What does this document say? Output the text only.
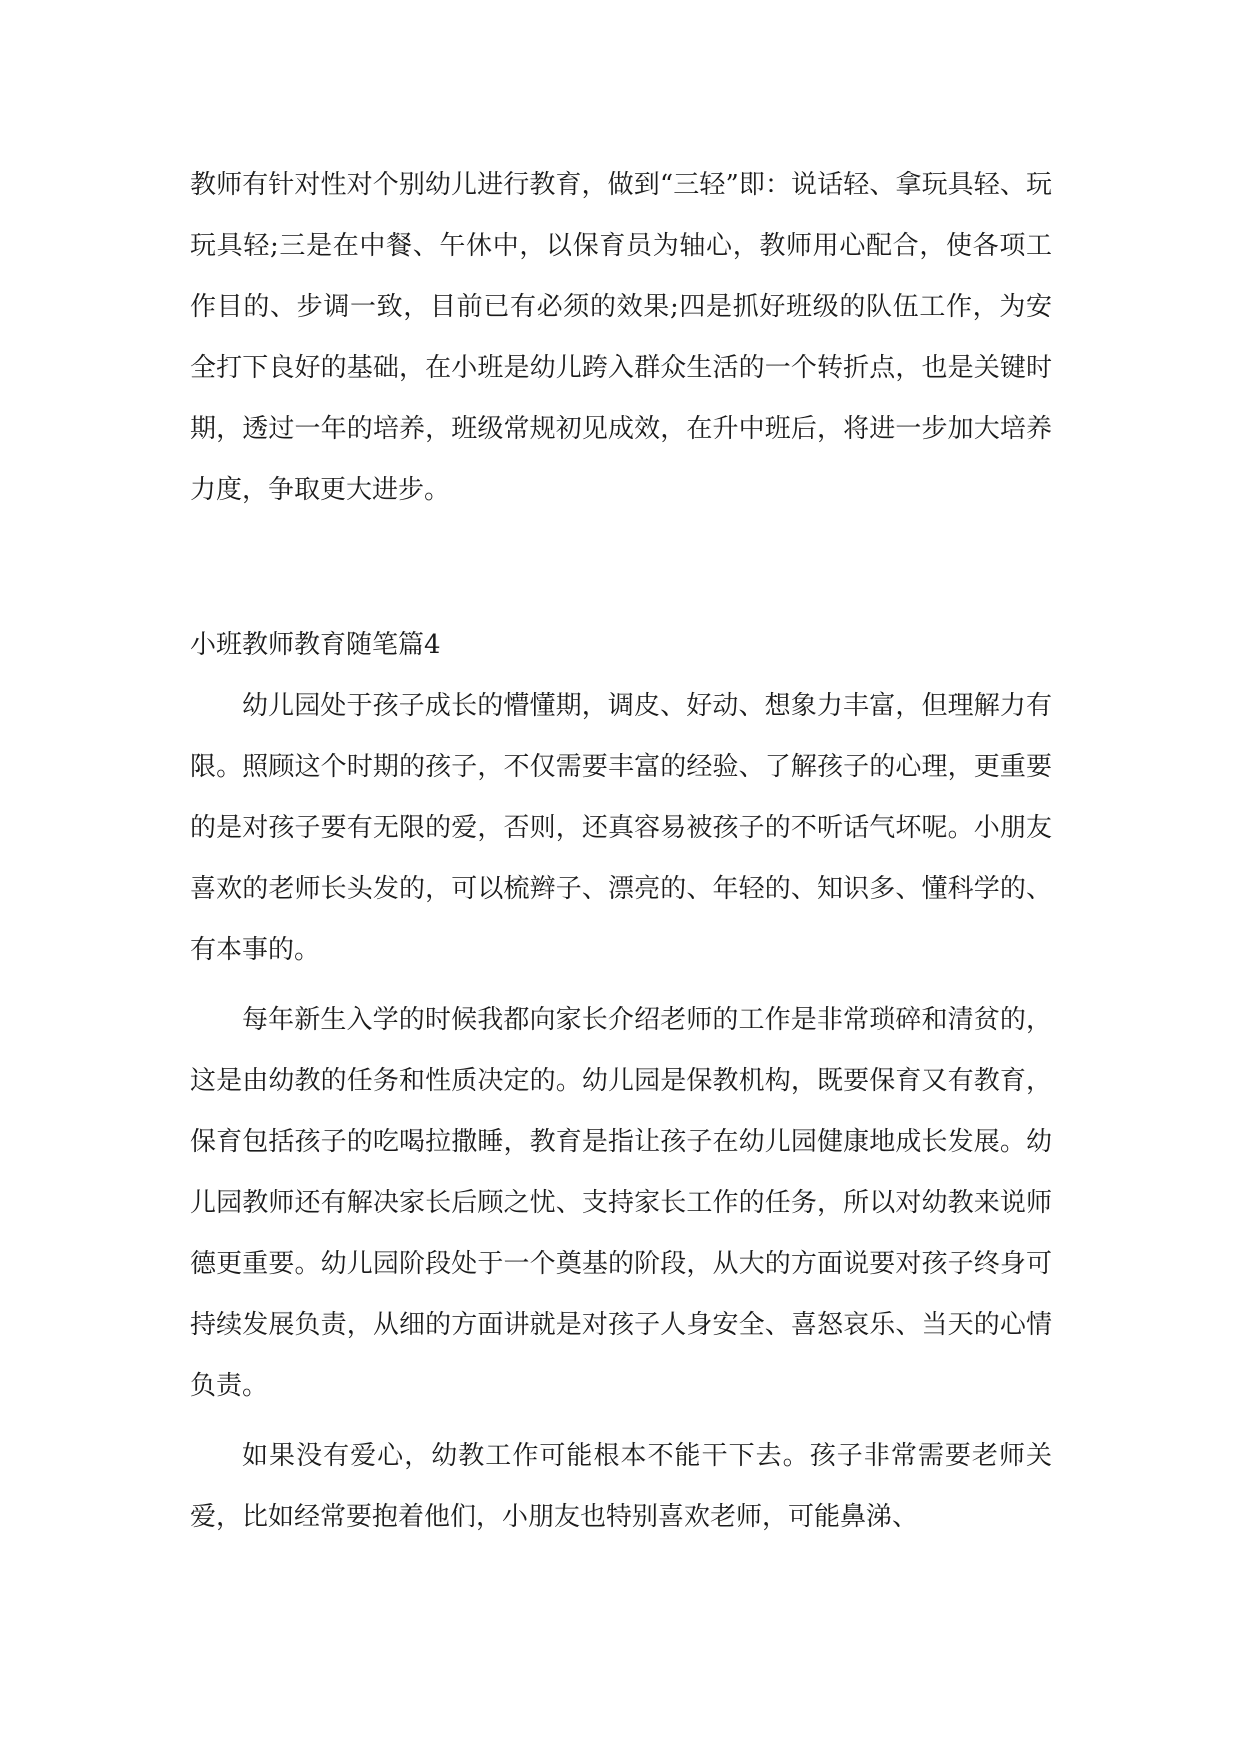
教师有针对性对个别幼儿进行教育，做到“三轻”即：说话轻、拿玩具轻、玩玩具轻;三是在中餐、午休中，以保育员为轴心，教师用心配合，使各项工作目的、步调一致，目前已有必须的效果;四是抓好班级的队伍工作，为安全打下良好的基础，在小班是幼儿跨入群众生活的一个转折点，也是关键时期，透过一年的培养，班级常规初见成效，在升中班后，将进一步加大培养力度，争取更大进步。

小班教师教育随笔篇4

幼儿园处于孩子成长的懵懂期，调皮、好动、想象力丰富，但理解力有限。照顾这个时期的孩子，不仅需要丰富的经验、了解孩子的心理，更重要的是对孩子要有无限的爱，否则，还真容易被孩子的不听话气坏呢。小朋友喜欢的老师长头发的，可以梳辫子、漂亮的、年轻的、知识多、懂科学的、有本事的。

每年新生入学的时候我都向家长介绍老师的工作是非常琐碎和清贫的，这是由幼教的任务和性质决定的。幼儿园是保教机构，既要保育又有教育，保育包括孩子的吃喝拉撒睡，教育是指让孩子在幼儿园健康地成长发展。幼儿园教师还有解决家长后顾之忧、支持家长工作的任务，所以对幼教来说师德更重要。幼儿园阶段处于一个奠基的阶段，从大的方面说要对孩子终身可持续发展负责，从细的方面讲就是对孩子人身安全、喜怒哀乐、当天的心情负责。

如果没有爱心，幼教工作可能根本不能干下去。孩子非常需要老师关爱，比如经常要抱着他们，小朋友也特别喜欢老师，可能鼻涕、
